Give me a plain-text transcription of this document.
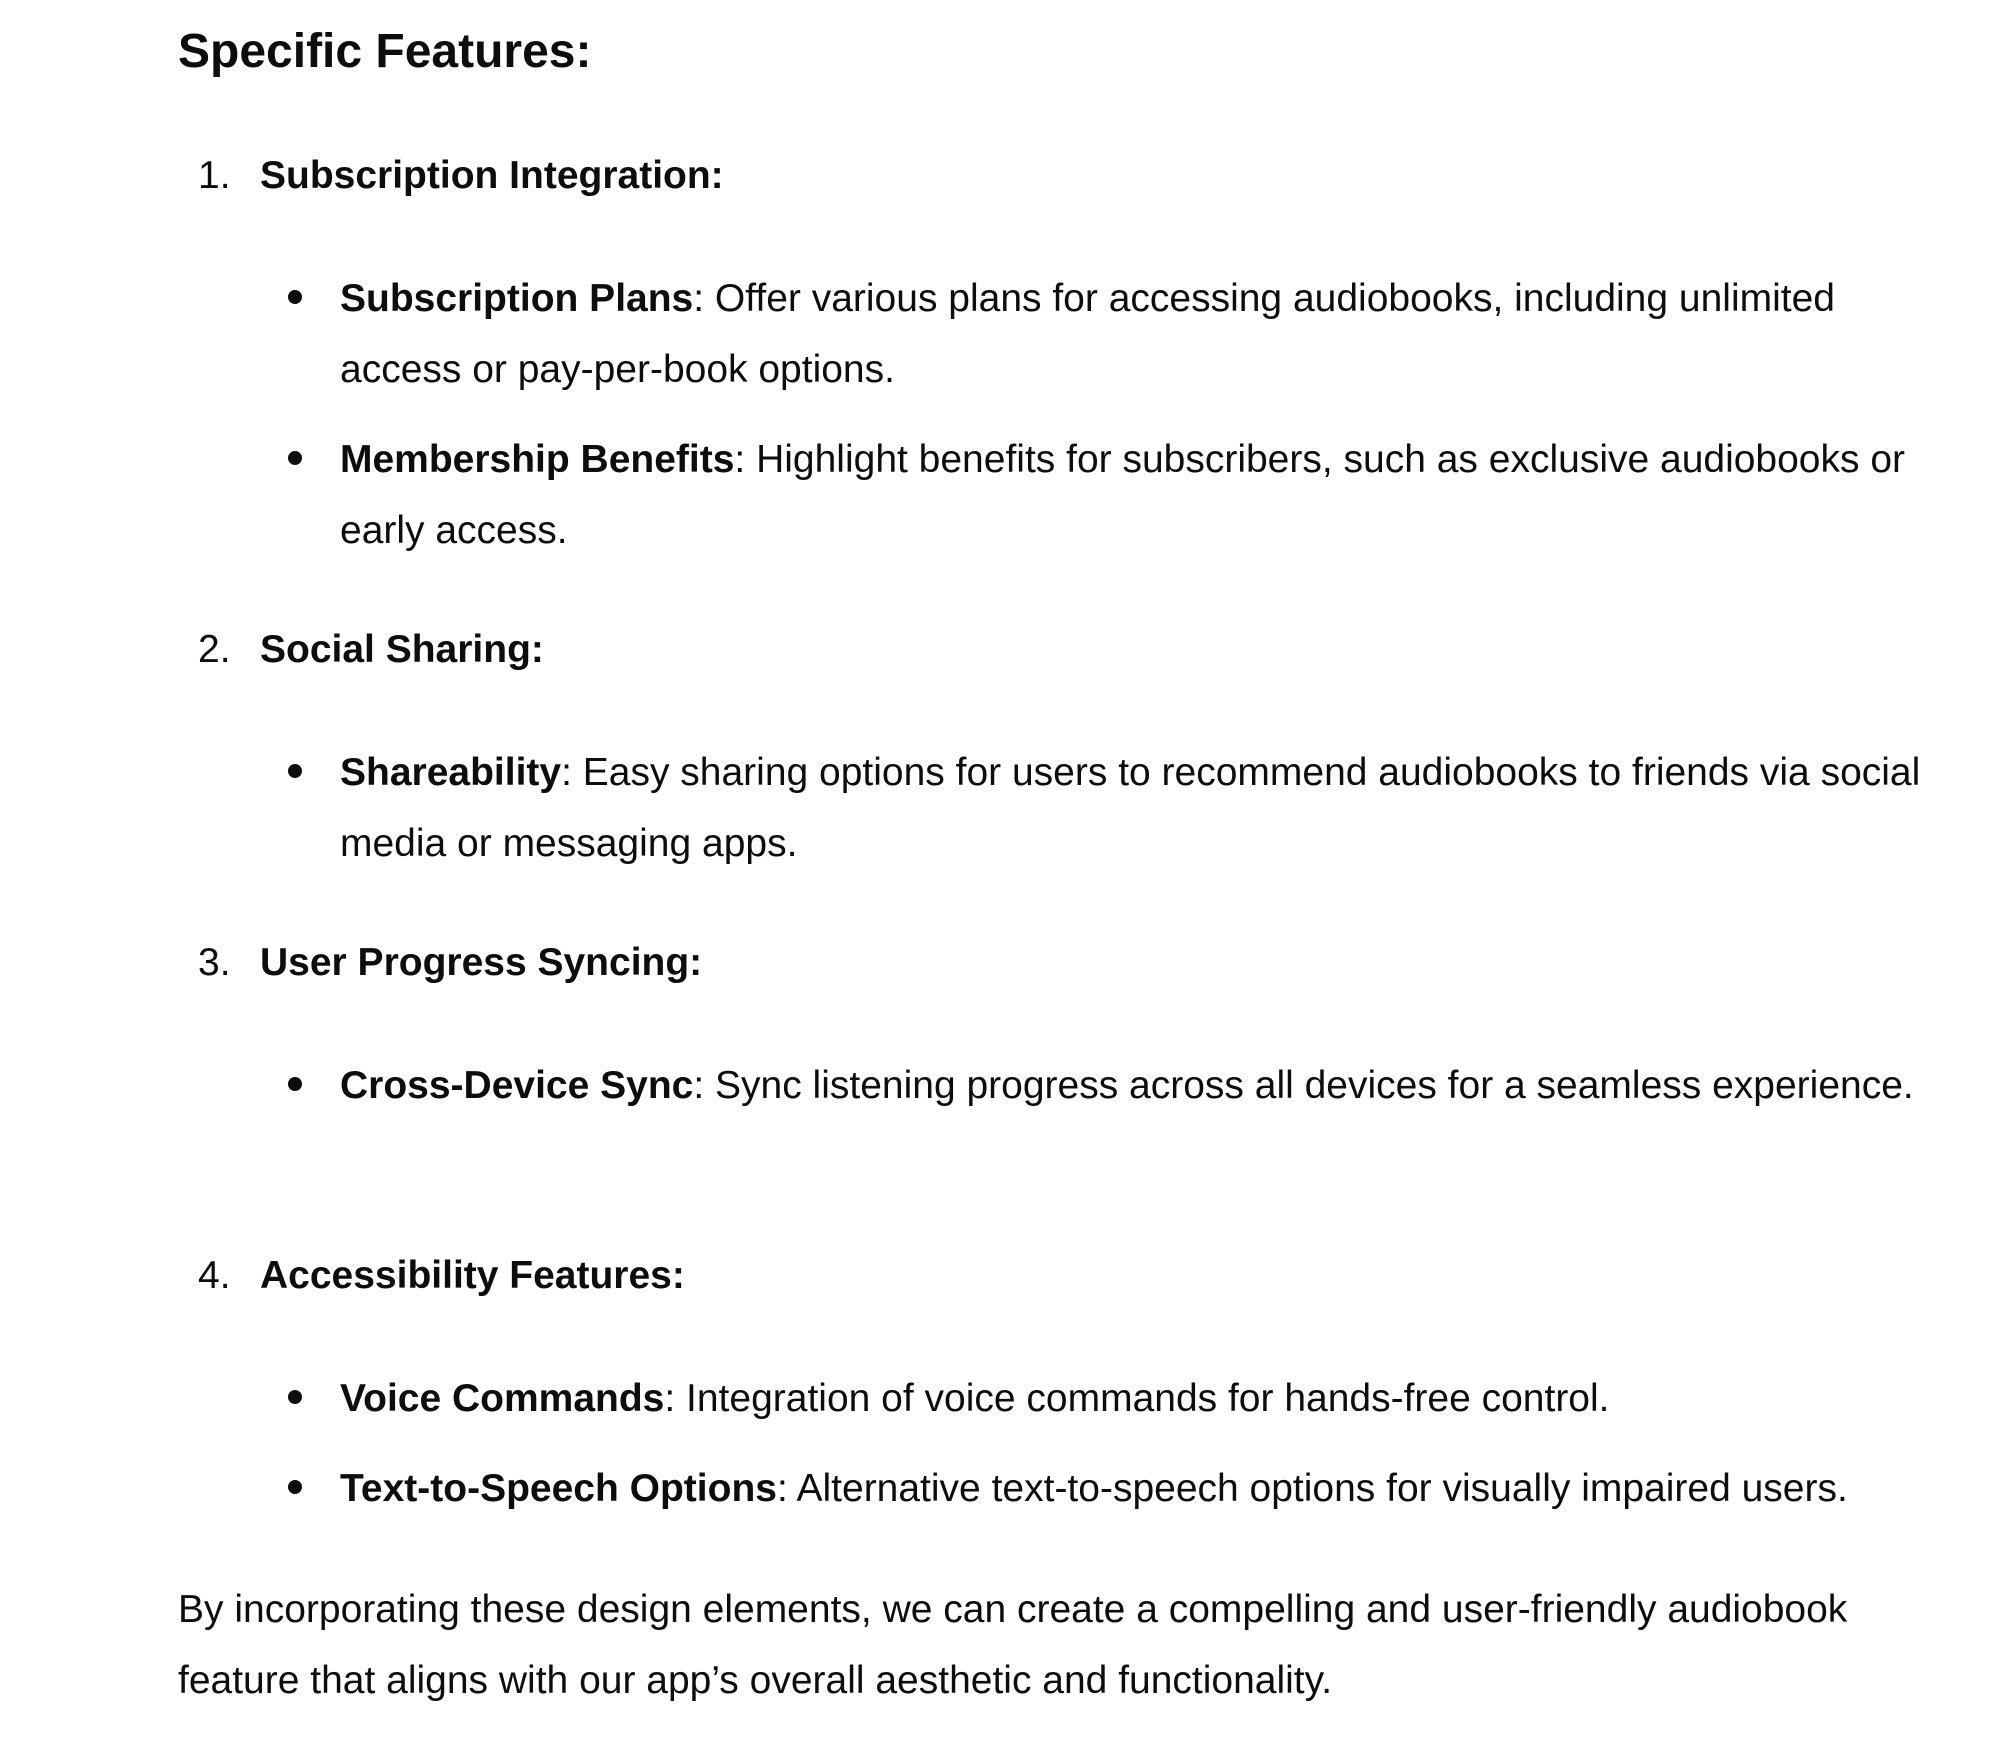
Specific Features:
1. Subscription Integration:

Subscription Plans: Offer various plans for accessing audiobooks, including unlimited access or pay-per-book options.

Membership Benefits: Highlight benefits for subscribers, such as exclusive audiobooks or early access.

2. Social Sharing:

Shareability: Easy sharing options for users to recommend audiobooks to friends via social media or messaging apps.

3. User Progress Syncing:

Cross-Device Sync: Sync listening progress across all devices for a seamless experience.

4. Accessibility Features:

Voice Commands: Integration of voice commands for hands-free control.

Text-to-Speech Options: Alternative text-to-speech options for visually impaired users.

By incorporating these design elements, we can create a compelling and user-friendly audiobook feature that aligns with our app’s overall aesthetic and functionality.
